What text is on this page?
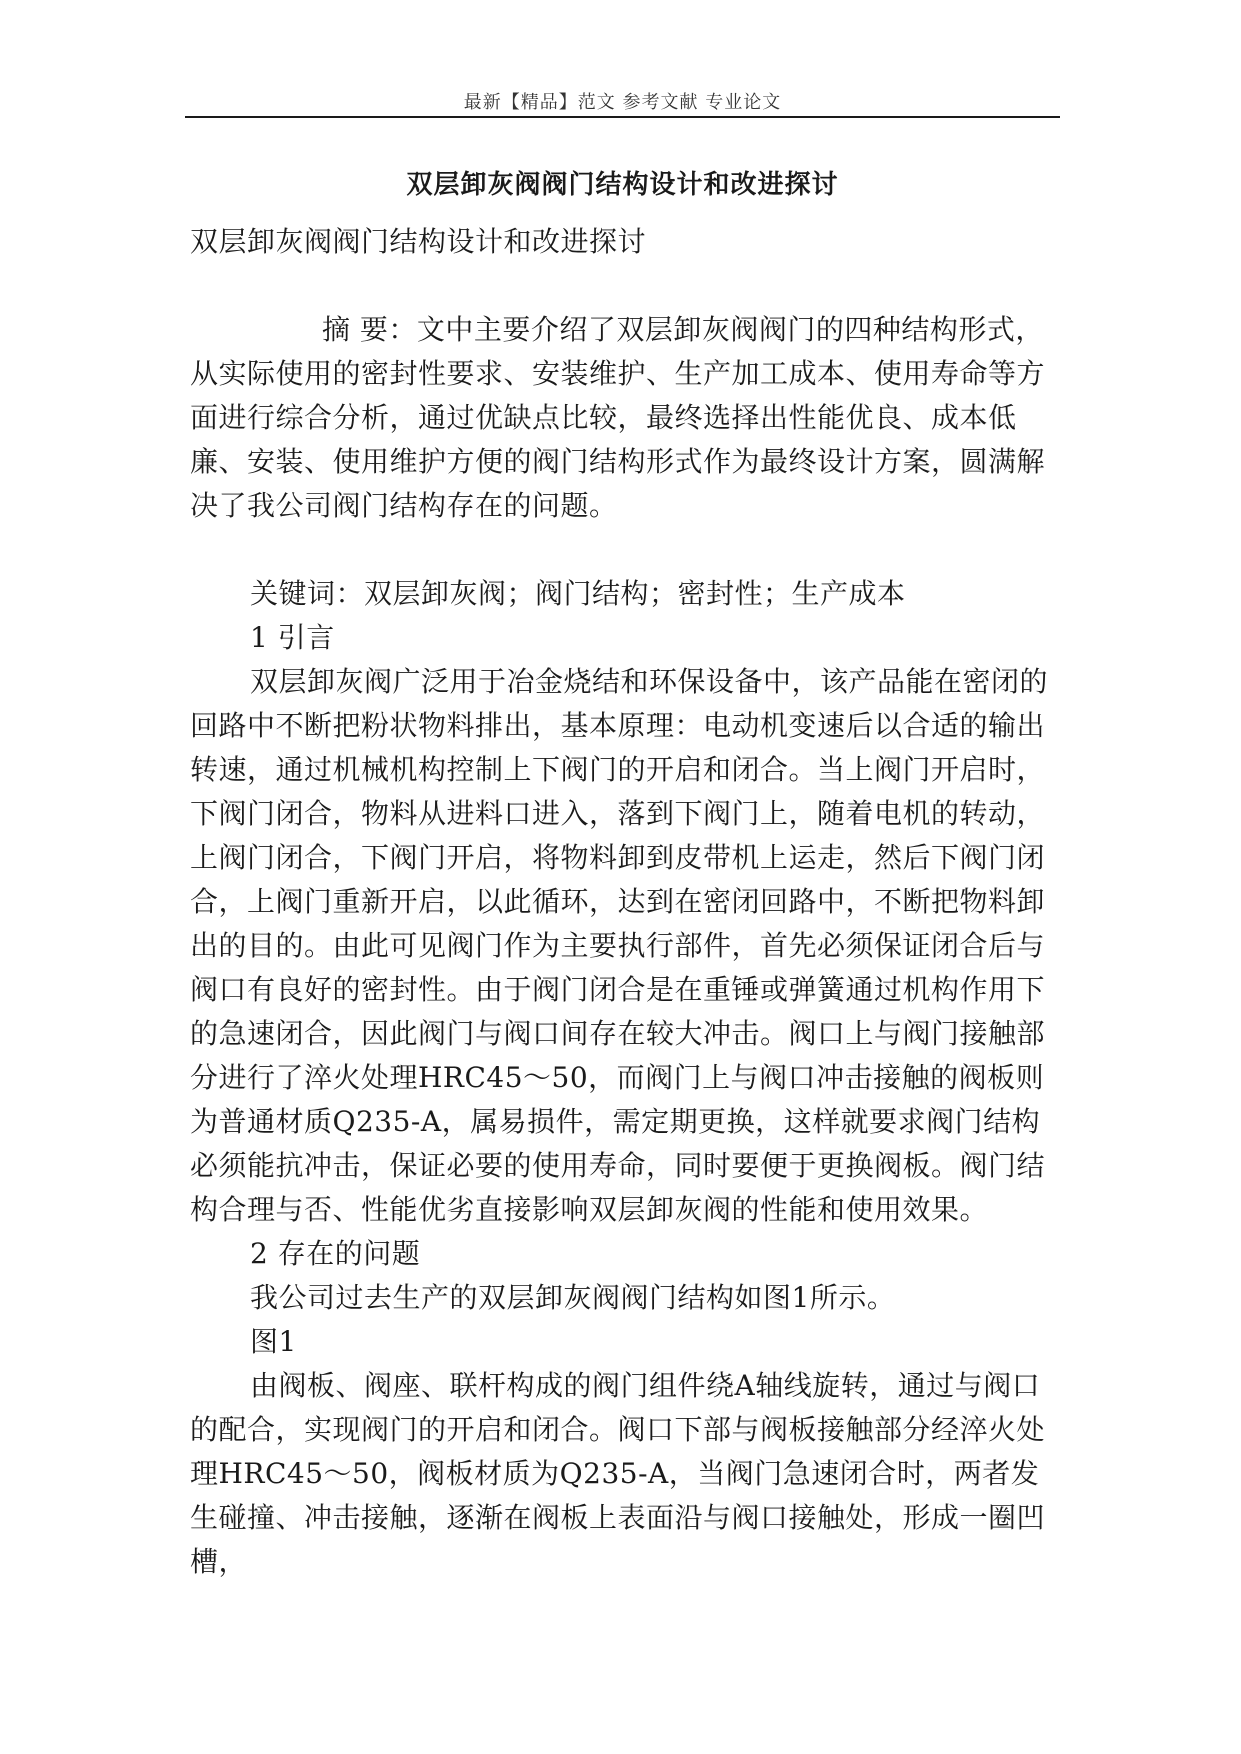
最新【精品】范文 参考文献 专业论文
双层卸灰阀阀门结构设计和改进探讨

双层卸灰阀阀门结构设计和改进探讨

摘 要：文中主要介绍了双层卸灰阀阀门的四种结构形式，从实际使用的密封性要求、安装维护、生产加工成本、使用寿命等方面进行综合分析，通过优缺点比较，最终选择出性能优良、成本低廉、安装、使用维护方便的阀门结构形式作为最终设计方案，圆满解决了我公司阀门结构存在的问题。

关键词：双层卸灰阀；阀门结构；密封性；生产成本

1 引言

双层卸灰阀广泛用于冶金烧结和环保设备中，该产品能在密闭的回路中不断把粉状物料排出，基本原理：电动机变速后以合适的输出转速，通过机械机构控制上下阀门的开启和闭合。当上阀门开启时，下阀门闭合，物料从进料口进入，落到下阀门上，随着电机的转动，上阀门闭合，下阀门开启，将物料卸到皮带机上运走，然后下阀门闭合，上阀门重新开启，以此循环，达到在密闭回路中，不断把物料卸出的目的。由此可见阀门作为主要执行部件，首先必须保证闭合后与阀口有良好的密封性。由于阀门闭合是在重锤或弹簧通过机构作用下的急速闭合，因此阀门与阀口间存在较大冲击。阀口上与阀门接触部分进行了淬火处理HRC45～50，而阀门上与阀口冲击接触的阀板则为普通材质Q235-A，属易损件，需定期更换，这样就要求阀门结构必须能抗冲击，保证必要的使用寿命，同时要便于更换阀板。阀门结构合理与否、性能优劣直接影响双层卸灰阀的性能和使用效果。

2 存在的问题

我公司过去生产的双层卸灰阀阀门结构如图1所示。

图1

由阀板、阀座、联杆构成的阀门组件绕A轴线旋转，通过与阀口的配合，实现阀门的开启和闭合。阀口下部与阀板接触部分经淬火处理HRC45～50，阀板材质为Q235-A，当阀门急速闭合时，两者发生碰撞、冲击接触，逐渐在阀板上表面沿与阀口接触处，形成一圈凹槽，
